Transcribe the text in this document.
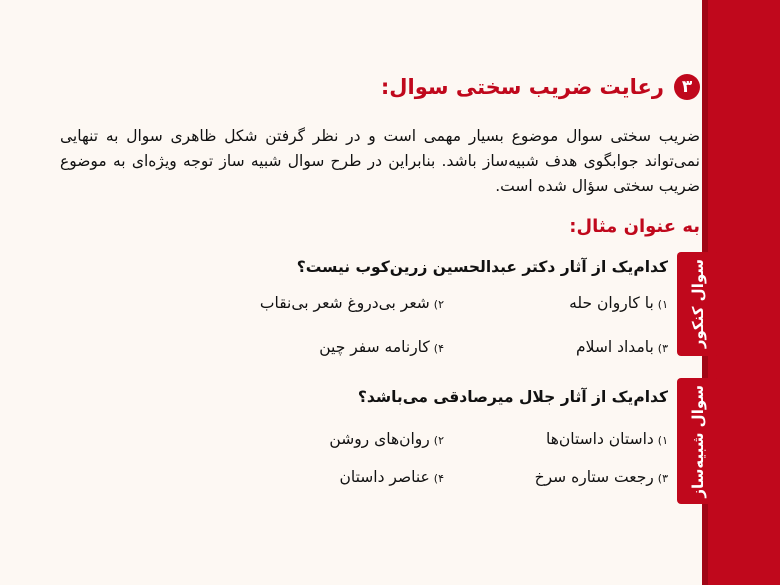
۳
رعایت ضریب سختی سوال:

ضریب سختی سوال موضوع بسیار مهمی است و در نظر گرفتن شکل ظاهری سوال به تنهایی نمی‌تواند جوابگوی هدف شبیه‌ساز باشد. بنابراین در طرح سوال شبیه ساز توجه ویژه‌ای به موضوع ضریب سختی سؤال شده است.

به عنوان مثال:
سوال کنکور
کدام‌یک از آثار دکتر عبدالحسین زرین‌کوب نیست؟
۱)با کاروان حله
۲)شعر بی‌دروغ شعر بی‌نقاب
۳)بامداد اسلام
۴)کارنامه سفر چین
سوال شبیه‌ساز
کدام‌یک از آثار جلال میرصادقی می‌باشد؟
۱)داستان داستان‌ها
۲)روان‌های روشن
۳)رجعت ستاره سرخ
۴)عناصر داستان
